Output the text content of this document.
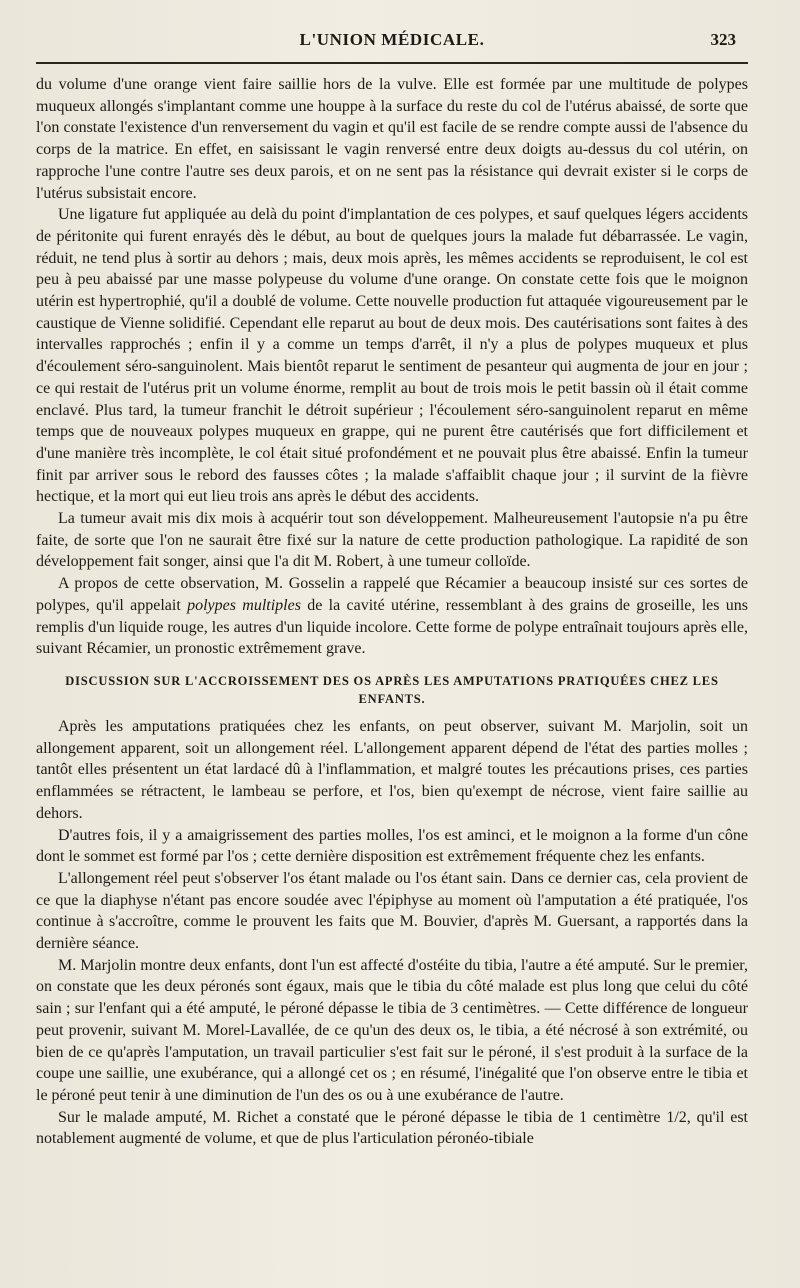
L'UNION MÉDICALE.	323

du volume d'une orange vient faire saillie hors de la vulve. Elle est formée par une multitude de polypes muqueux allongés s'implantant comme une houppe à la surface du reste du col de l'utérus abaissé, de sorte que l'on constate l'existence d'un renversement du vagin et qu'il est facile de se rendre compte aussi de l'absence du corps de la matrice. En effet, en saisissant le vagin renversé entre deux doigts au-dessus du col utérin, on rapproche l'une contre l'autre ses deux parois, et on ne sent pas la résistance qui devrait exister si le corps de l'utérus subsistait encore.

Une ligature fut appliquée au delà du point d'implantation de ces polypes, et sauf quelques légers accidents de péritonite qui furent enrayés dès le début, au bout de quelques jours la malade fut débarrassée. Le vagin, réduit, ne tend plus à sortir au dehors ; mais, deux mois après, les mêmes accidents se reproduisent, le col est peu à peu abaissé par une masse polypeuse du volume d'une orange. On constate cette fois que le moignon utérin est hypertrophié, qu'il a doublé de volume. Cette nouvelle production fut attaquée vigoureusement par le caustique de Vienne solidifié. Cependant elle reparut au bout de deux mois. Des cautérisations sont faites à des intervalles rapprochés ; enfin il y a comme un temps d'arrêt, il n'y a plus de polypes muqueux et plus d'écoulement séro-sanguinolent. Mais bientôt reparut le sentiment de pesanteur qui augmenta de jour en jour ; ce qui restait de l'utérus prit un volume énorme, remplit au bout de trois mois le petit bassin où il était comme enclavé. Plus tard, la tumeur franchit le détroit supérieur ; l'écoulement séro-sanguinolent reparut en même temps que de nouveaux polypes muqueux en grappe, qui ne purent être cautérisés que fort difficilement et d'une manière très incomplète, le col était situé profondément et ne pouvait plus être abaissé. Enfin la tumeur finit par arriver sous le rebord des fausses côtes ; la malade s'affaiblit chaque jour ; il survint de la fièvre hectique, et la mort qui eut lieu trois ans après le début des accidents.

La tumeur avait mis dix mois à acquérir tout son développement. Malheureusement l'autopsie n'a pu être faite, de sorte que l'on ne saurait être fixé sur la nature de cette production pathologique. La rapidité de son développement fait songer, ainsi que l'a dit M. Robert, à une tumeur colloïde.

A propos de cette observation, M. Gosselin a rappelé que Récamier a beaucoup insisté sur ces sortes de polypes, qu'il appelait polypes multiples de la cavité utérine, ressemblant à des grains de groseille, les uns remplis d'un liquide rouge, les autres d'un liquide incolore. Cette forme de polype entraînait toujours après elle, suivant Récamier, un pronostic extrêmement grave.

DISCUSSION SUR L'ACCROISSEMENT DES OS APRÈS LES AMPUTATIONS PRATIQUÉES CHEZ LES ENFANTS.

Après les amputations pratiquées chez les enfants, on peut observer, suivant M. Marjolin, soit un allongement apparent, soit un allongement réel. L'allongement apparent dépend de l'état des parties molles ; tantôt elles présentent un état lardacé dû à l'inflammation, et malgré toutes les précautions prises, ces parties enflammées se rétractent, le lambeau se perfore, et l'os, bien qu'exempt de nécrose, vient faire saillie au dehors.

D'autres fois, il y a amaigrissement des parties molles, l'os est aminci, et le moignon a la forme d'un cône dont le sommet est formé par l'os ; cette dernière disposition est extrêmement fréquente chez les enfants.

L'allongement réel peut s'observer l'os étant malade ou l'os étant sain. Dans ce dernier cas, cela provient de ce que la diaphyse n'étant pas encore soudée avec l'épiphyse au moment où l'amputation a été pratiquée, l'os continue à s'accroître, comme le prouvent les faits que M. Bouvier, d'après M. Guersant, a rapportés dans la dernière séance.

M. Marjolin montre deux enfants, dont l'un est affecté d'ostéite du tibia, l'autre a été amputé. Sur le premier, on constate que les deux péronés sont égaux, mais que le tibia du côté malade est plus long que celui du côté sain ; sur l'enfant qui a été amputé, le péroné dépasse le tibia de 3 centimètres. — Cette différence de longueur peut provenir, suivant M. Morel-Lavallée, de ce qu'un des deux os, le tibia, a été nécrosé à son extrémité, ou bien de ce qu'après l'amputation, un travail particulier s'est fait sur le péroné, il s'est produit à la surface de la coupe une saillie, une exubérance, qui a allongé cet os ; en résumé, l'inégalité que l'on observe entre le tibia et le péroné peut tenir à une diminution de l'un des os ou à une exubérance de l'autre.

Sur le malade amputé, M. Richet a constaté que le péroné dépasse le tibia de 1 centimètre 1/2, qu'il est notablement augmenté de volume, et que de plus l'articulation péronéo-tibiale
